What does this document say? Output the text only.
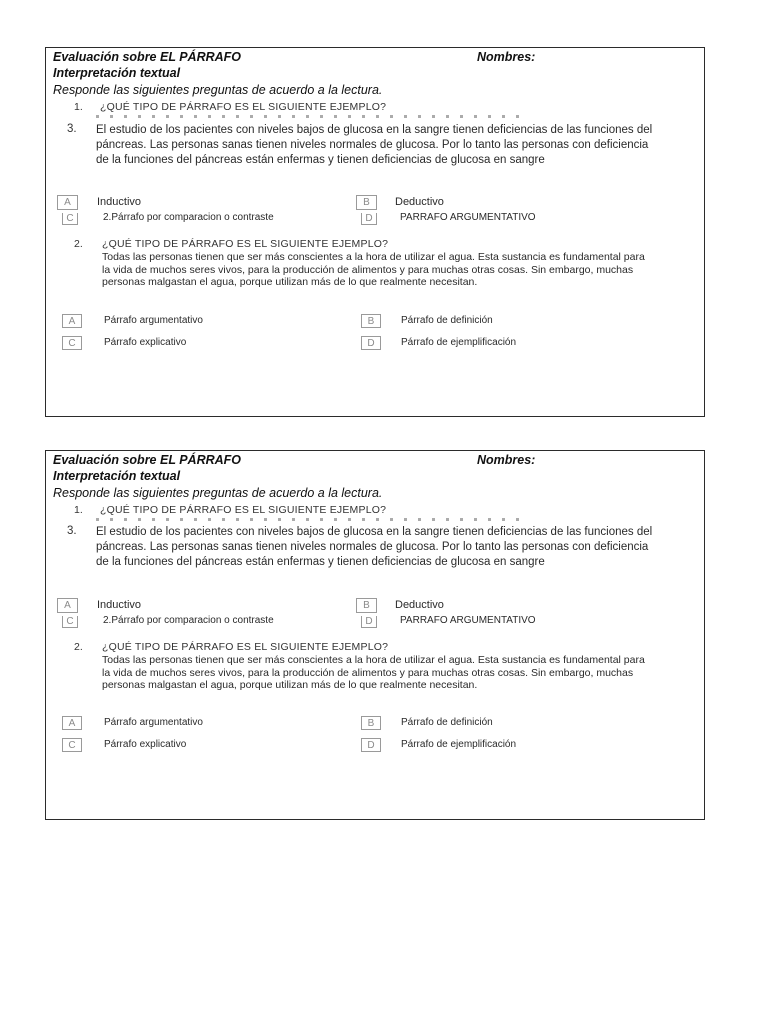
Evaluación sobre EL PÁRRAFO	Nombres:
Interpretación textual
Responde las siguientes preguntas de acuerdo a la lectura.
1. ¿QUÉ TIPO DE PÁRRAFO ES EL SIGUIENTE EJEMPLO?
3. El estudio de los pacientes con niveles bajos de glucosa en la sangre tienen deficiencias de las funciones del páncreas. Las personas sanas tienen niveles normales de glucosa. Por lo tanto las personas con deficiencia de la funciones del páncreas están enfermas y tienen deficiencias de glucosa en sangre
A	Inductivo	B	Deductivo
C	2.Párrafo por comparacion o contraste	D	PARRAFO ARGUMENTATIVO
2. ¿QUÉ TIPO DE PÁRRAFO ES EL SIGUIENTE EJEMPLO?
Todas las personas tienen que ser más conscientes a la hora de utilizar el agua. Esta sustancia es fundamental para la vida de muchos seres vivos, para la producción de alimentos y para muchas otras cosas. Sin embargo, muchas personas malgastan el agua, porque utilizan más de lo que realmente necesitan.
A	Párrafo argumentativo	B	Párrafo de definición
C	Párrafo explicativo	D	Párrafo de ejemplificación
Evaluación sobre EL PÁRRAFO	Nombres:
Interpretación textual
Responde las siguientes preguntas de acuerdo a la lectura.
1. ¿QUÉ TIPO DE PÁRRAFO ES EL SIGUIENTE EJEMPLO?
3. El estudio de los pacientes con niveles bajos de glucosa en la sangre tienen deficiencias de las funciones del páncreas. Las personas sanas tienen niveles normales de glucosa. Por lo tanto las personas con deficiencia de la funciones del páncreas están enfermas y tienen deficiencias de glucosa en sangre
A	Inductivo	B	Deductivo
C	2.Párrafo por comparacion o contraste	D	PARRAFO ARGUMENTATIVO
2. ¿QUÉ TIPO DE PÁRRAFO ES EL SIGUIENTE EJEMPLO?
Todas las personas tienen que ser más conscientes a la hora de utilizar el agua. Esta sustancia es fundamental para la vida de muchos seres vivos, para la producción de alimentos y para muchas otras cosas. Sin embargo, muchas personas malgastan el agua, porque utilizan más de lo que realmente necesitan.
A	Párrafo argumentativo	B	Párrafo de definición
C	Párrafo explicativo	D	Párrafo de ejemplificación
